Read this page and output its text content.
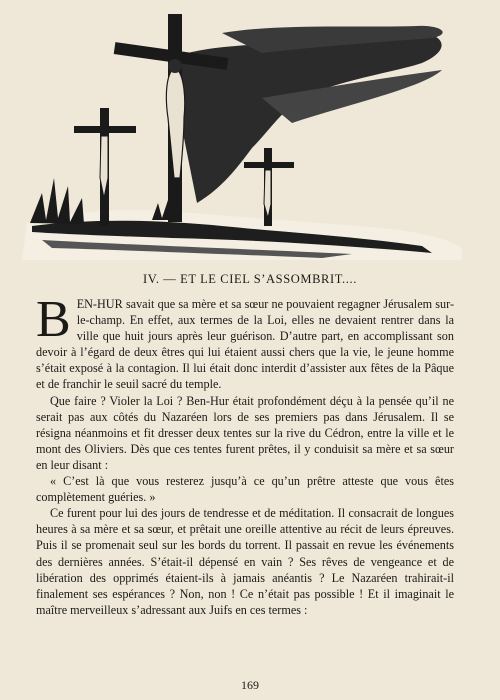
IV. — ET LE CIEL S’ASSOMBRIT....

BEN-HUR savait que sa mère et sa sœur ne pouvaient regagner Jérusalem sur-le-champ. En effet, aux termes de la Loi, elles ne devaient rentrer dans la ville que huit jours après leur guérison. D’autre part, en accomplissant son devoir à l’égard de deux êtres qui lui étaient aussi chers que la vie, le jeune homme s’était exposé à la contagion. Il lui était donc interdit d’assister aux fêtes de la Pâque et de franchir le seuil sacré du temple.

Que faire ? Violer la Loi ? Ben-Hur était profondément déçu à la pensée qu’il ne serait pas aux côtés du Nazaréen lors de ses premiers pas dans Jérusalem. Il se résigna néanmoins et fit dresser deux tentes sur la rive du Cédron, entre la ville et le mont des Oliviers. Dès que ces tentes furent prêtes, il y conduisit sa mère et sa sœur en leur disant :

« C’est là que vous resterez jusqu’à ce qu’un prêtre atteste que vous êtes complètement guéries. »

Ce furent pour lui des jours de tendresse et de méditation. Il consacrait de longues heures à sa mère et sa sœur, et prêtait une oreille attentive au récit de leurs épreuves. Puis il se promenait seul sur les bords du torrent. Il passait en revue les événements des dernières années. S’était-il dépensé en vain ? Ses rêves de vengeance et de libération des opprimés étaient-ils à jamais anéantis ? Le Nazaréen trahirait-il finalement ses espérances ? Non, non ! Ce n’était pas possible ! Et il imaginait le maître merveilleux s’adressant aux Juifs en ces termes :

169
